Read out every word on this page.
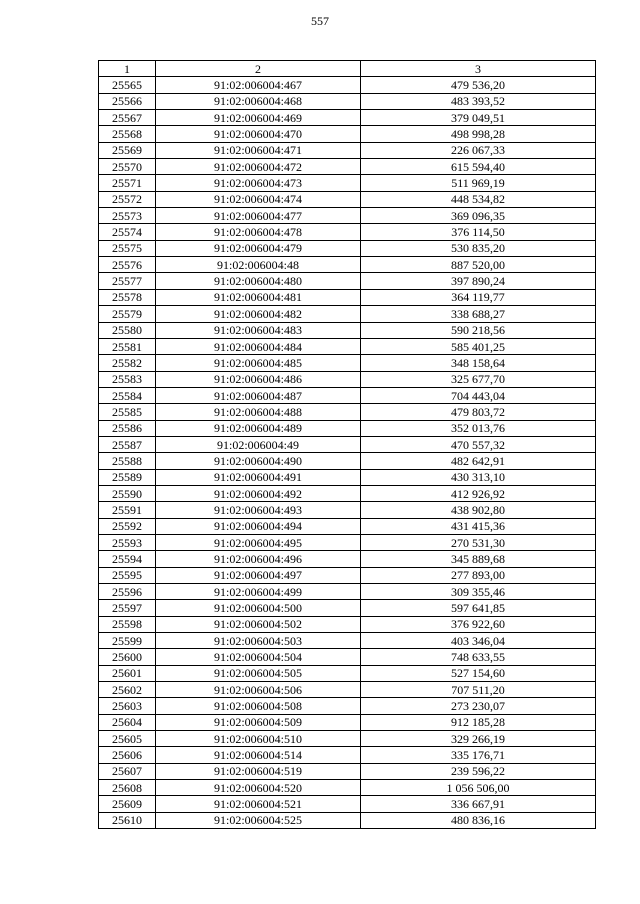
557
1	2	3
25565	91:02:006004:467	479 536,20
25566	91:02:006004:468	483 393,52
25567	91:02:006004:469	379 049,51
25568	91:02:006004:470	498 998,28
25569	91:02:006004:471	226 067,33
25570	91:02:006004:472	615 594,40
25571	91:02:006004:473	511 969,19
25572	91:02:006004:474	448 534,82
25573	91:02:006004:477	369 096,35
25574	91:02:006004:478	376 114,50
25575	91:02:006004:479	530 835,20
25576	91:02:006004:48	887 520,00
25577	91:02:006004:480	397 890,24
25578	91:02:006004:481	364 119,77
25579	91:02:006004:482	338 688,27
25580	91:02:006004:483	590 218,56
25581	91:02:006004:484	585 401,25
25582	91:02:006004:485	348 158,64
25583	91:02:006004:486	325 677,70
25584	91:02:006004:487	704 443,04
25585	91:02:006004:488	479 803,72
25586	91:02:006004:489	352 013,76
25587	91:02:006004:49	470 557,32
25588	91:02:006004:490	482 642,91
25589	91:02:006004:491	430 313,10
25590	91:02:006004:492	412 926,92
25591	91:02:006004:493	438 902,80
25592	91:02:006004:494	431 415,36
25593	91:02:006004:495	270 531,30
25594	91:02:006004:496	345 889,68
25595	91:02:006004:497	277 893,00
25596	91:02:006004:499	309 355,46
25597	91:02:006004:500	597 641,85
25598	91:02:006004:502	376 922,60
25599	91:02:006004:503	403 346,04
25600	91:02:006004:504	748 633,55
25601	91:02:006004:505	527 154,60
25602	91:02:006004:506	707 511,20
25603	91:02:006004:508	273 230,07
25604	91:02:006004:509	912 185,28
25605	91:02:006004:510	329 266,19
25606	91:02:006004:514	335 176,71
25607	91:02:006004:519	239 596,22
25608	91:02:006004:520	1 056 506,00
25609	91:02:006004:521	336 667,91
25610	91:02:006004:525	480 836,16
